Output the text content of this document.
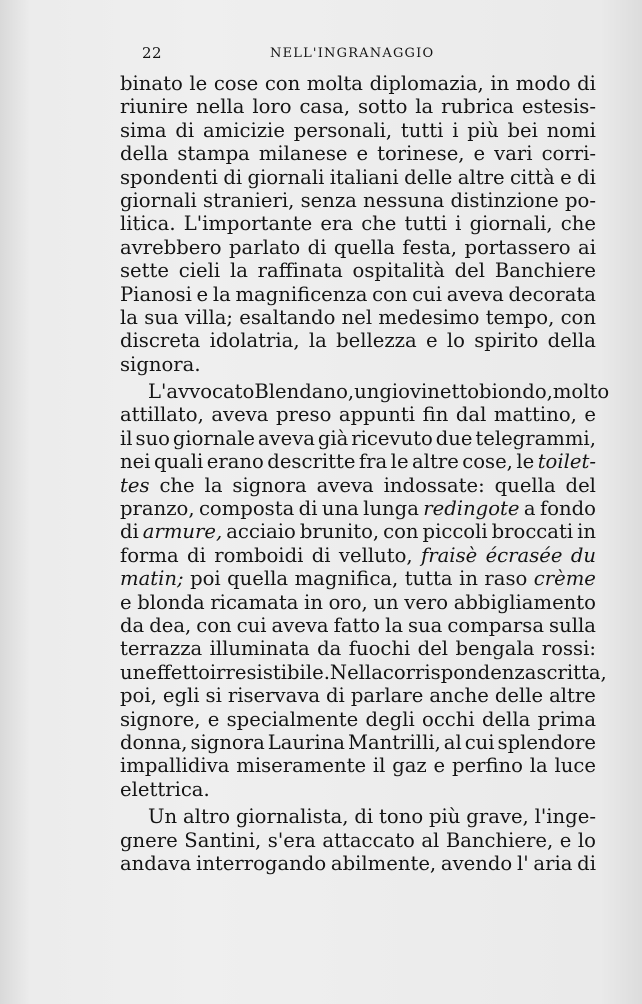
22	NELL'INGRANAGGIO
binato le cose con molta diplomazia, in modo di
riunire nella loro casa, sotto la rubrica estesis-
sima di amicizie personali, tutti i più bei nomi
della stampa milanese e torinese, e vari corri-
spondenti di giornali italiani delle altre città e di
giornali stranieri, senza nessuna distinzione po-
litica. L'importante era che tutti i giornali, che
avrebbero parlato di quella festa, portassero ai
sette cieli la raffinata ospitalità del Banchiere
Pianosi e la magnificenza con cui aveva decorata
la sua villa; esaltando nel medesimo tempo, con
discreta idolatria, la bellezza e lo spirito della
signora.
L'avvocato Blendano, un giovinetto biondo, molto
attillato, aveva preso appunti fin dal mattino, e
il suo giornale aveva già ricevuto due telegrammi,
nei quali erano descritte fra le altre cose, le toilet-
tes che la signora aveva indossate: quella del
pranzo, composta di una lunga redingote a fondo
di armure, acciaio brunito, con piccoli broccati in
forma di romboidi di velluto, fraisè écrasée du
matin; poi quella magnifica, tutta in raso crème
e blonda ricamata in oro, un vero abbigliamento
da dea, con cui aveva fatto la sua comparsa sulla
terrazza illuminata da fuochi del bengala rossi:
un effetto irresistibile. Nella corrispondenza scritta,
poi, egli si riservava di parlare anche delle altre
signore, e specialmente degli occhi della prima
donna, signora Laurina Mantrilli, al cui splendore
impallidiva miseramente il gaz e perfino la luce
elettrica.
Un altro giornalista, di tono più grave, l'inge-
gnere Santini, s'era attaccato al Banchiere, e lo
andava interrogando abilmente, avendo l' aria di
